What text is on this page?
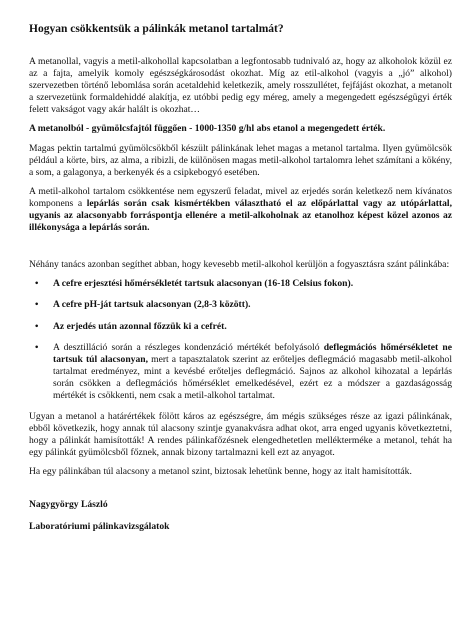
Hogyan csökkentsük a pálinkák metanol tartalmát?

A metanollal, vagyis a metil-alkohollal kapcsolatban a legfontosabb tudnivaló az, hogy az alkoholok közül ez az a fajta, amelyik komoly egészségkárosodást okozhat. Míg az etil-alkohol (vagyis a „jó” alkohol) szervezetben történő lebomlása során acetaldehid keletkezik, amely rosszullétet, fejfájást okozhat, a metanolt a szervezetünk formaldehiddé alakítja, ez utóbbi pedig egy méreg, amely a megengedett egészségügyi érték felett vakságot vagy akár halált is okozhat…

A metanolból - gyümölcsfajtól függően - 1000-1350 g/hl abs etanol a megengedett érték.

Magas pektin tartalmú gyümölcsökből készült pálinkának lehet magas a metanol tartalma. Ilyen gyümölcsök például a körte, birs, az alma, a ribizli, de különösen magas metil-alkohol tartalomra lehet számítani a kökény, a som, a galagonya, a berkenyék és a csipkebogyó esetében.

A metil-alkohol tartalom csökkentése nem egyszerű feladat, mivel az erjedés során keletkező nem kívánatos komponens a lepárlás során csak kismértékben választható el az előpárlattal vagy az utópárlattal, ugyanis az alacsonyabb forráspontja ellenére a metil-alkoholnak az etanolhoz képest közel azonos az illékonysága a lepárlás során.

Néhány tanács azonban segíthet abban, hogy kevesebb metil-alkohol kerüljön a fogyasztásra szánt pálinkába:

• A cefre erjesztési hőmérsékletét tartsuk alacsonyan (16-18 Celsius fokon).
• A cefre pH-ját tartsuk alacsonyan (2,8-3 között).
• Az erjedés után azonnal főzzük ki a cefrét.
• A desztilláció során a részleges kondenzáció mértékét befolyásoló deflegmációs hőmérsékletet ne tartsuk túl alacsonyan, mert a tapasztalatok szerint az erőteljes deflegmáció magasabb metil-alkohol tartalmat eredményez, mint a kevésbé erőteljes deflegmáció. Sajnos az alkohol kihozatal a lepárlás során csökken a deflegmációs hőmérséklet emelkedésével, ezért ez a módszer a gazdaságosság mértékét is csökkenti, nem csak a metil-alkohol tartalmat.

Ugyan a metanol a határértékek fölött káros az egészségre, ám mégis szükséges része az igazi pálinkának, ebből következik, hogy annak túl alacsony szintje gyanakvásra adhat okot, arra enged ugyanis következtetni, hogy a pálinkát hamisították! A rendes pálinkafőzésnek elengedhetetlen mellékterméke a metanol, tehát ha egy pálinkát gyümölcsből főznek, annak bizony tartalmazni kell ezt az anyagot.

Ha egy pálinkában túl alacsony a metanol szint, biztosak lehetünk benne, hogy az italt hamisították.

Nagygyörgy László
Laboratóriumi pálinkavizsgálatok
